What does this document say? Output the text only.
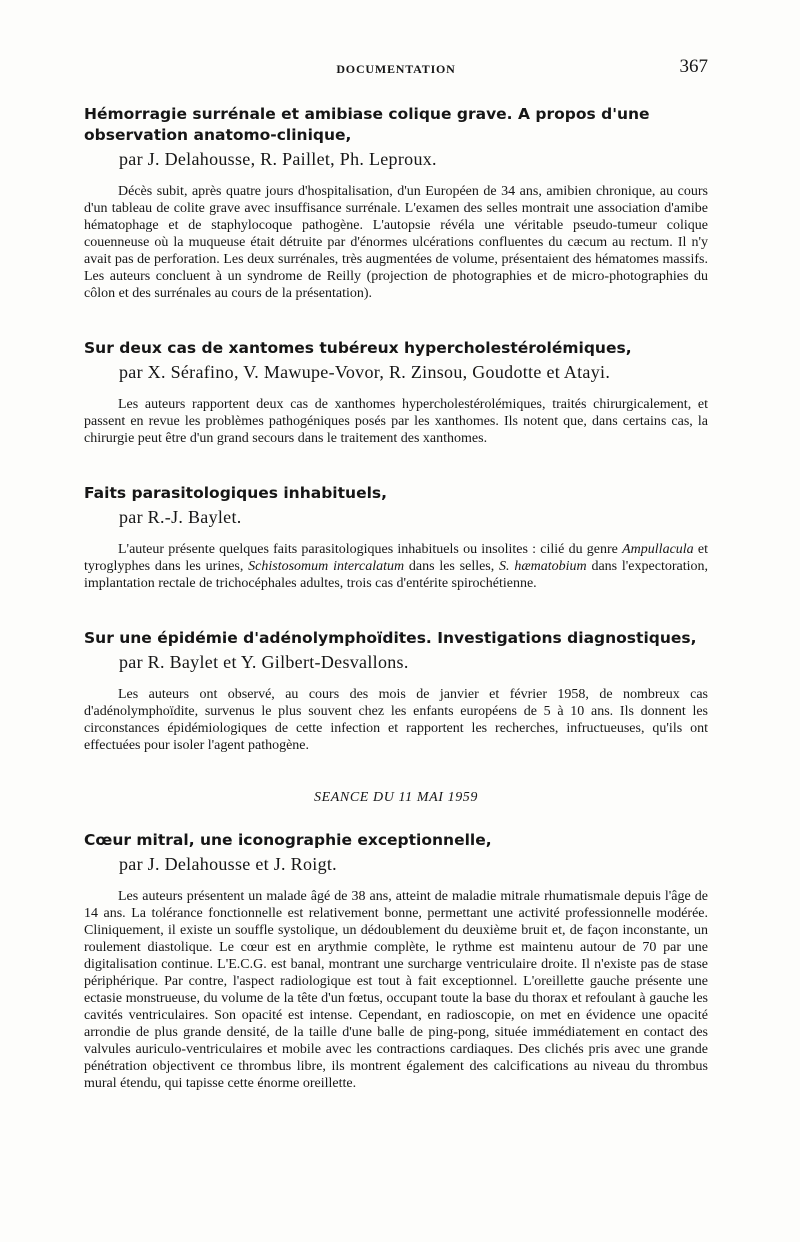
DOCUMENTATION	367

Hémorragie surrénale et amibiase colique grave. A propos d'une observation anatomo-clinique,

par J. Delahousse, R. Paillet, Ph. Leproux.

Décès subit, après quatre jours d'hospitalisation, d'un Européen de 34 ans, amibien chronique, au cours d'un tableau de colite grave avec insuffisance surrénale. L'examen des selles montrait une association d'amibe hématophage et de staphylocoque pathogène. L'autopsie révéla une véritable pseudo-tumeur colique couenneuse où la muqueuse était détruite par d'énormes ulcérations confluentes du cæcum au rectum. Il n'y avait pas de perforation. Les deux surrénales, très augmentées de volume, présentaient des hématomes massifs. Les auteurs concluent à un syndrome de Reilly (projection de photographies et de micro-photographies du côlon et des surrénales au cours de la présentation).

Sur deux cas de xantomes tubéreux hypercholestérolémiques,

par X. Sérafino, V. Mawupe-Vovor, R. Zinsou, Goudotte et Atayi.

Les auteurs rapportent deux cas de xanthomes hypercholestérolémiques, traités chirurgicalement, et passent en revue les problèmes pathogéniques posés par les xanthomes. Ils notent que, dans certains cas, la chirurgie peut être d'un grand secours dans le traitement des xanthomes.

Faits parasitologiques inhabituels,

par R.-J. Baylet.

L'auteur présente quelques faits parasitologiques inhabituels ou insolites : cilié du genre Ampullacula et tyroglyphes dans les urines, Schistosomum intercalatum dans les selles, S. hæmatobium dans l'expectoration, implantation rectale de trichocéphales adultes, trois cas d'entérite spirochétienne.

Sur une épidémie d'adénolymphoïdites. Investigations diagnostiques,

par R. Baylet et Y. Gilbert-Desvallons.

Les auteurs ont observé, au cours des mois de janvier et février 1958, de nombreux cas d'adénolymphoïdite, survenus le plus souvent chez les enfants européens de 5 à 10 ans. Ils donnent les circonstances épidémiologiques de cette infection et rapportent les recherches, infructueuses, qu'ils ont effectuées pour isoler l'agent pathogène.

SEANCE DU 11 MAI 1959

Cœur mitral, une iconographie exceptionnelle,

par J. Delahousse et J. Roigt.

Les auteurs présentent un malade âgé de 38 ans, atteint de maladie mitrale rhumatismale depuis l'âge de 14 ans. La tolérance fonctionnelle est relativement bonne, permettant une activité professionnelle modérée. Cliniquement, il existe un souffle systolique, un dédoublement du deuxième bruit et, de façon inconstante, un roulement diastolique. Le cœur est en arythmie complète, le rythme est maintenu autour de 70 par une digitalisation continue. L'E.C.G. est banal, montrant une surcharge ventriculaire droite. Il n'existe pas de stase périphérique. Par contre, l'aspect radiologique est tout à fait exceptionnel. L'oreillette gauche présente une ectasie monstrueuse, du volume de la tête d'un fœtus, occupant toute la base du thorax et refoulant à gauche les cavités ventriculaires. Son opacité est intense. Cependant, en radioscopie, on met en évidence une opacité arrondie de plus grande densité, de la taille d'une balle de ping-pong, située immédiatement en contact des valvules auriculo-ventriculaires et mobile avec les contractions cardiaques. Des clichés pris avec une grande pénétration objectivent ce thrombus libre, ils montrent également des calcifications au niveau du thrombus mural étendu, qui tapisse cette énorme oreillette.
